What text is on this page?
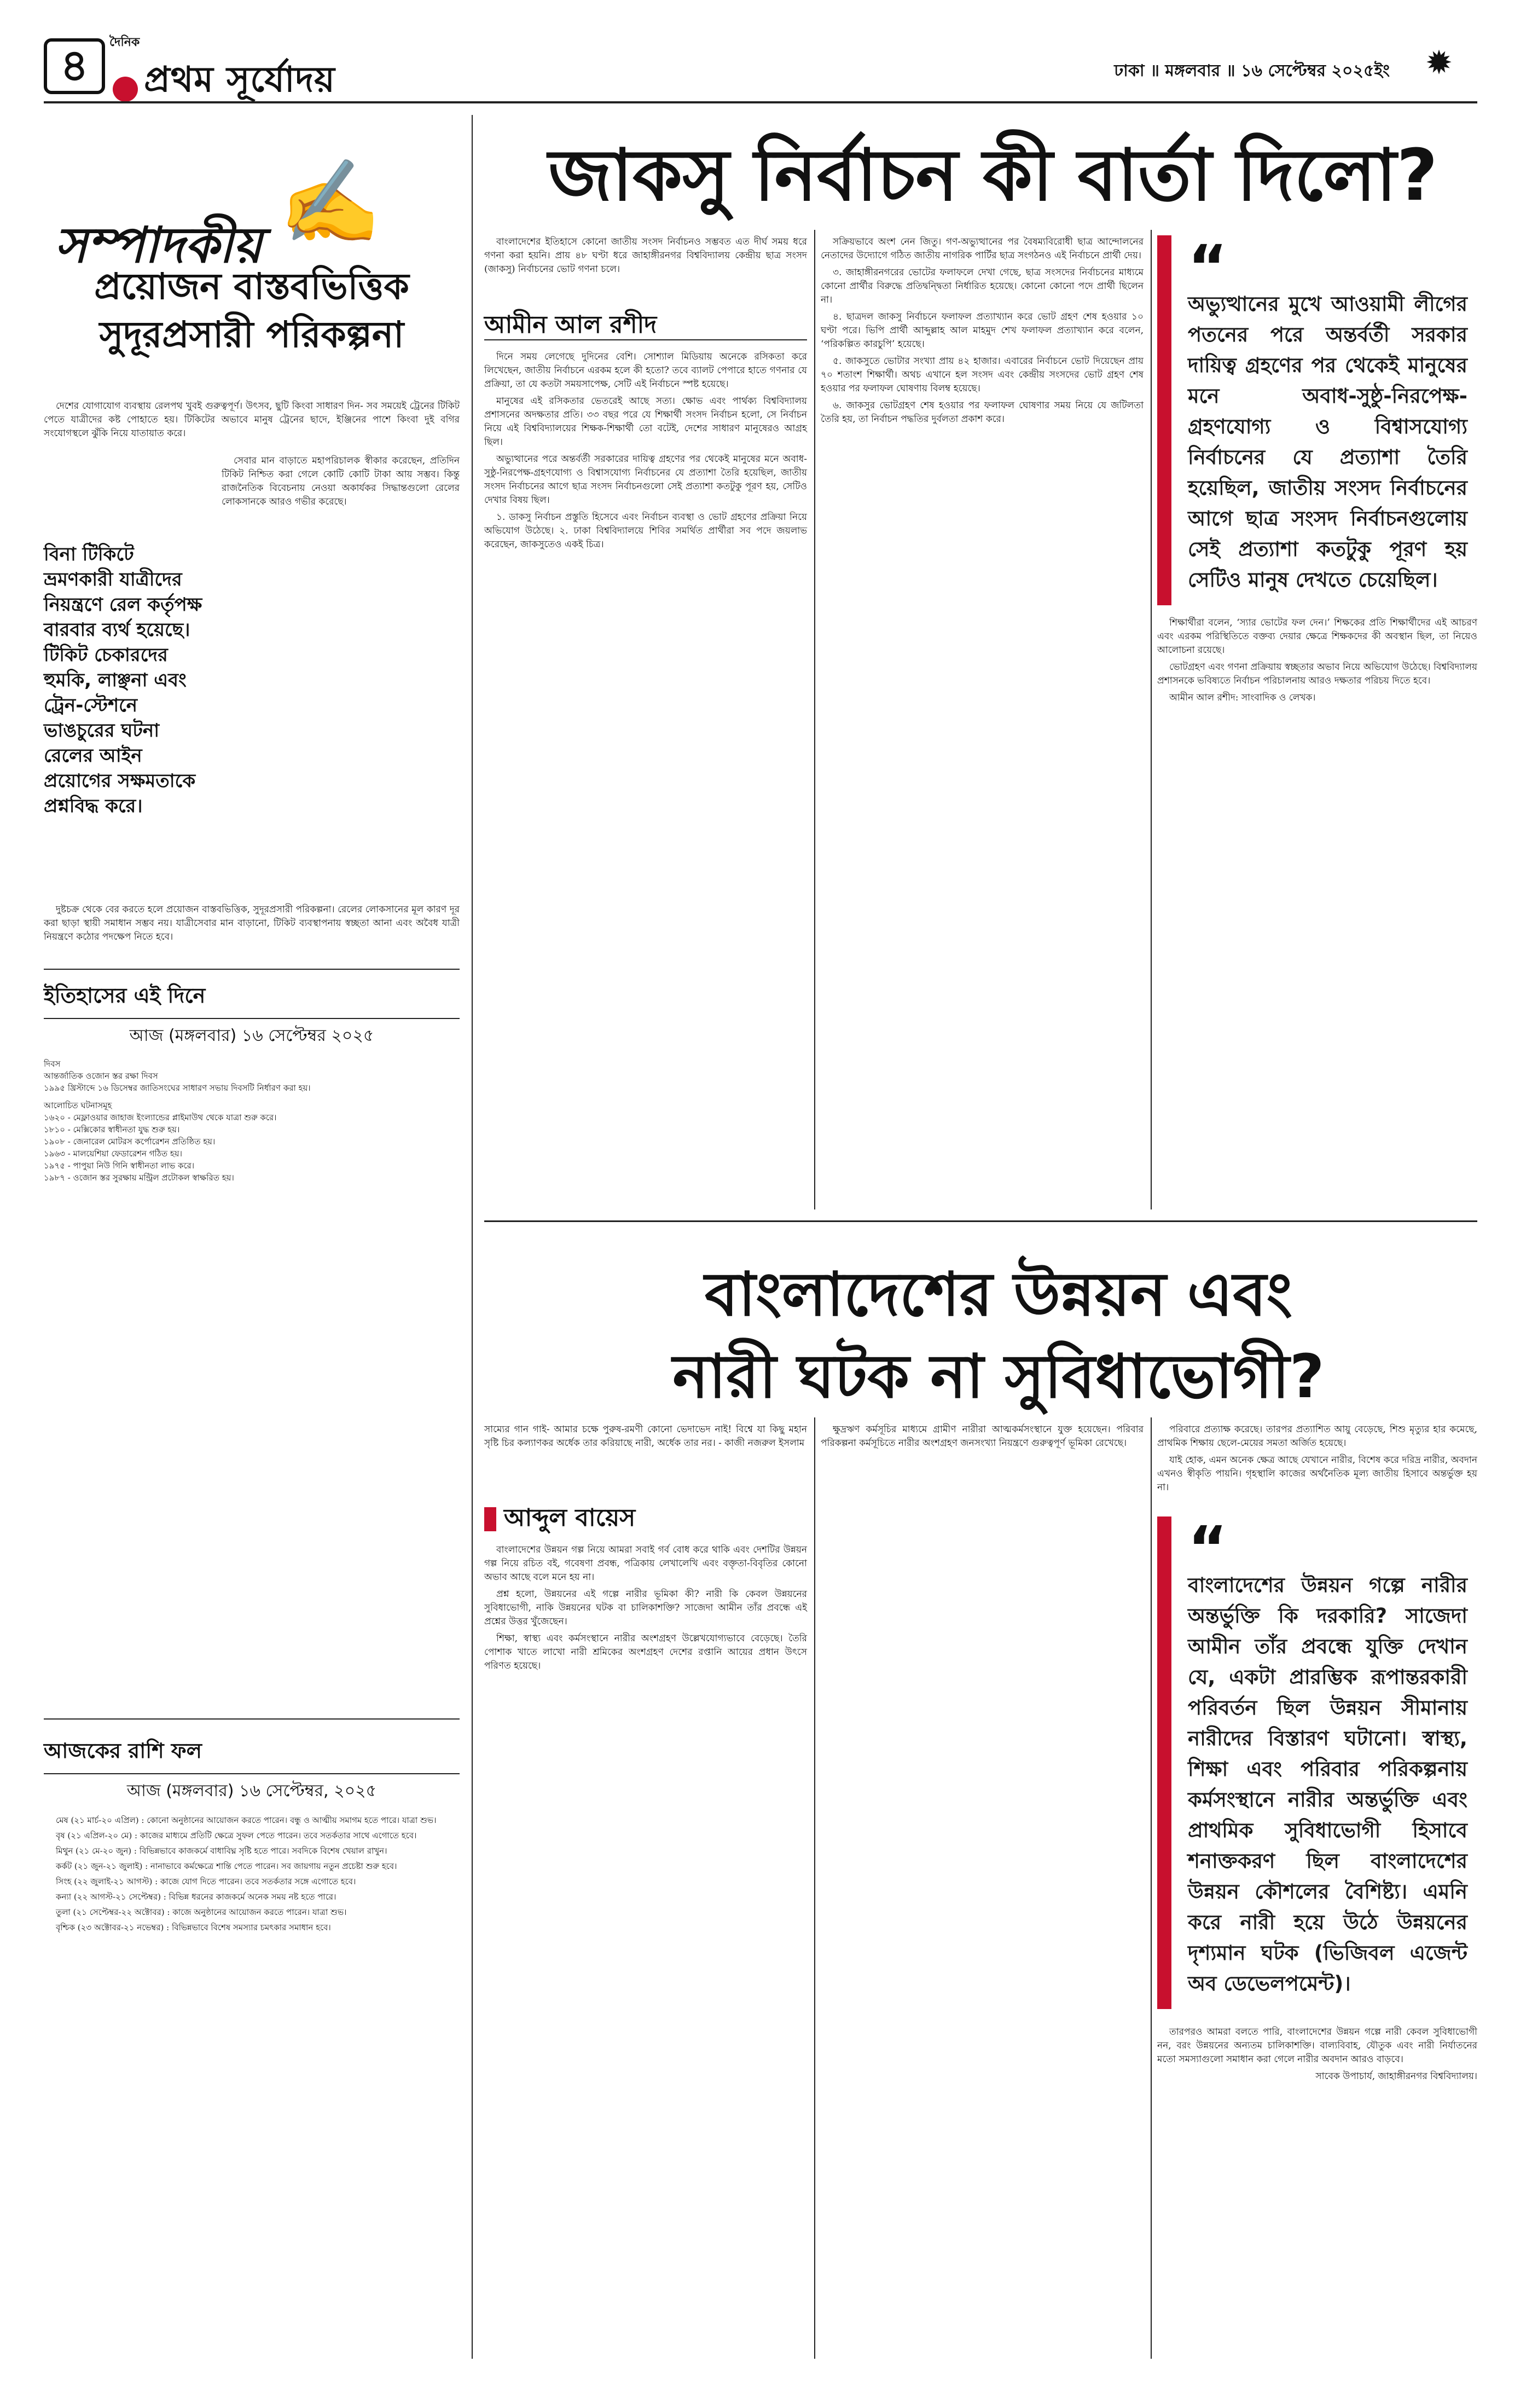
৪	দৈনিক
প্রথম সূর্যোদয়	ঢাকা ॥ মঙ্গলবার ॥ ১৬ সেপ্টেম্বর ২০২৫ইং	✹
✍
সম্পাদকীয়
প্রয়োজন বাস্তবভিত্তিক সুদূরপ্রসারী পরিকল্পনা

দেশের যোগাযোগ ব্যবস্থায় রেলপথ খুবই গুরুত্বপূর্ণ। উৎসব, ছুটি কিংবা সাধারণ দিন- সব সময়েই ট্রেনের টিকিট পেতে যাত্রীদের কষ্ট পোহাতে হয়। টিকিটের অভাবে মানুষ ট্রেনের ছাদে, ইঞ্জিনের পাশে কিংবা দুই বগির সংযোগস্থলে ঝুঁকি নিয়ে যাতায়াত করে।

বিনা টিকিটে ভ্রমণকারী যাত্রীদের নিয়ন্ত্রণে রেল কর্তৃপক্ষ বারবার ব্যর্থ হয়েছে। টিকিট চেকারদের হুমকি, লাঞ্ছনা এবং ট্রেন-স্টেশনে ভাঙচুরের ঘটনা রেলের আইন প্রয়োগের সক্ষমতাকে প্রশ্নবিদ্ধ করে।

সেবার মান বাড়াতে মহাপরিচালক স্বীকার করেছেন, প্রতিদিন টিকিট নিশ্চিত করা গেলে কোটি কোটি টাকা আয় সম্ভব। কিন্তু রাজনৈতিক বিবেচনায় নেওয়া অকার্যকর সিদ্ধান্তগুলো রেলের লোকসানকে আরও গভীর করেছে।

দুষ্টচক্র থেকে বের করতে হলে প্রয়োজন বাস্তবভিত্তিক, সুদূরপ্রসারী পরিকল্পনা। রেলের লোকসানের মূল কারণ দূর করা ছাড়া স্থায়ী সমাধান সম্ভব নয়। যাত্রীসেবার মান বাড়ানো, টিকিট ব্যবস্থাপনায় স্বচ্ছতা আনা এবং অবৈধ যাত্রী নিয়ন্ত্রণে কঠোর পদক্ষেপ নিতে হবে।

ইতিহাসের এই দিনে
আজ (মঙ্গলবার) ১৬ সেপ্টেম্বর ২০২৫
দিবস
আন্তর্জাতিক ওজোন স্তর রক্ষা দিবস
১৯৯৫ খ্রিস্টাব্দে ১৬ ডিসেম্বর জাতিসংঘের সাধারণ সভায় দিবসটি নির্ধারণ করা হয়।
আলোচিত ঘটনাসমূহ
১৬২০ - মেফ্লাওয়ার জাহাজ ইংল্যান্ডের প্লাইমাউথ থেকে যাত্রা শুরু করে।
১৮১০ - মেক্সিকোর স্বাধীনতা যুদ্ধ শুরু হয়।
১৯০৮ - জেনারেল মোটরস কর্পোরেশন প্রতিষ্ঠিত হয়।
১৯৬৩ - মালয়েশিয়া ফেডারেশন গঠিত হয়।
১৯৭৫ - পাপুয়া নিউ গিনি স্বাধীনতা লাভ করে।
১৯৮৭ - ওজোন স্তর সুরক্ষায় মন্ট্রিল প্রটোকল স্বাক্ষরিত হয়।
আজকের রাশি ফল
আজ (মঙ্গলবার) ১৬ সেপ্টেম্বর, ২০২৫

মেষ (২১ মার্চ-২০ এপ্রিল) : কোনো অনুষ্ঠানের আয়োজন করতে পারেন। বন্ধু ও আত্মীয় সমাগম হতে পারে। যাত্রা শুভ।

বৃষ (২১ এপ্রিল-২০ মে) : কাজের মাধ্যমে প্রতিটি ক্ষেত্রে সুফল পেতে পারেন। তবে সতর্কতার সাথে এগোতে হবে।

মিথুন (২১ মে-২০ জুন) : বিভিন্নভাবে কাজকর্মে বাধাবিঘ্ন সৃষ্টি হতে পারে। সবদিকে বিশেষ খেয়াল রাখুন।

কর্কট (২১ জুন-২১ জুলাই) : নানাভাবে কর্মক্ষেত্রে শান্তি পেতে পারেন। সব জায়গায় নতুন প্রচেষ্টা শুরু হবে।

সিংহ (২২ জুলাই-২১ আগস্ট) : কাজে যোগ দিতে পারেন। তবে সতর্কতার সঙ্গে এগোতে হবে।

কন্যা (২২ আগস্ট-২১ সেপ্টেম্বর) : বিভিন্ন ধরনের কাজকর্মে অনেক সময় নষ্ট হতে পারে।

তুলা (২১ সেপ্টেম্বর-২২ অক্টোবর) : কাজে অনুষ্ঠানের আয়োজন করতে পারেন। যাত্রা শুভ।

বৃশ্চিক (২৩ অক্টোবর-২১ নভেম্বর) : বিভিন্নভাবে বিশেষ সমস্যার চমৎকার সমাধান হবে।

জাকসু নির্বাচন কী বার্তা দিলো?

বাংলাদেশের ইতিহাসে কোনো জাতীয় সংসদ নির্বাচনও সম্ভবত এত দীর্ঘ সময় ধরে গণনা করা হয়নি। প্রায় ৪৮ ঘণ্টা ধরে জাহাঙ্গীরনগর বিশ্ববিদ্যালয় কেন্দ্রীয় ছাত্র সংসদ (জাকসু) নির্বাচনের ভোট গণনা চলে।

আমীন আল রশীদ

দিনে সময় লেগেছে দুদিনের বেশি। সোশ্যাল মিডিয়ায় অনেকে রসিকতা করে লিখেছেন, জাতীয় নির্বাচনে এরকম হলে কী হতো? তবে ব্যালট পেপারে হাতে গণনার যে প্রক্রিয়া, তা যে কতটা সময়সাপেক্ষ, সেটি এই নির্বাচনে স্পষ্ট হয়েছে।

মানুষের এই রসিকতার ভেতরেই আছে সত্য। ক্ষোভ এবং পার্থক্য বিশ্ববিদ্যালয় প্রশাসনের অদক্ষতার প্রতি। ৩৩ বছর পরে যে শিক্ষার্থী সংসদ নির্বাচন হলো, সে নির্বাচন নিয়ে এই বিশ্ববিদ্যালয়ের শিক্ষক-শিক্ষার্থী তো বটেই, দেশের সাধারণ মানুষেরও আগ্রহ ছিল।

অভ্যুত্থানের পরে অন্তর্বর্তী সরকারের দায়িত্ব গ্রহণের পর থেকেই মানুষের মনে অবাধ-সুষ্ঠু-নিরপেক্ষ-গ্রহণযোগ্য ও বিশ্বাসযোগ্য নির্বাচনের যে প্রত্যাশা তৈরি হয়েছিল, জাতীয় সংসদ নির্বাচনের আগে ছাত্র সংসদ নির্বাচনগুলো সেই প্রত্যাশা কতটুকু পূরণ হয়, সেটিও দেখার বিষয় ছিল।

১. ডাকসু নির্বাচন প্রস্তুতি হিসেবে এবং নির্বাচন ব্যবস্থা ও ভোট গ্রহণের প্রক্রিয়া নিয়ে অভিযোগ উঠেছে। ২. ঢাকা বিশ্ববিদ্যালয়ে শিবির সমর্থিত প্রার্থীরা সব পদে জয়লাভ করেছেন, জাকসুতেও একই চিত্র।

সক্রিয়ভাবে অংশ নেন জিতু। গণ-অভ্যুত্থানের পর বৈষম্যবিরোধী ছাত্র আন্দোলনের নেতাদের উদ্যোগে গঠিত জাতীয় নাগরিক পার্টির ছাত্র সংগঠনও এই নির্বাচনে প্রার্থী দেয়।

৩. জাহাঙ্গীরনগরের ভোটের ফলাফলে দেখা গেছে, ছাত্র সংসদের নির্বাচনের মাধ্যমে কোনো প্রার্থীর বিরুদ্ধে প্রতিদ্বন্দ্বিতা নির্ধারিত হয়েছে। কোনো কোনো পদে প্রার্থী ছিলেন না।

৪. ছাত্রদল জাকসু নির্বাচনে ফলাফল প্রত্যাখ্যান করে ভোট গ্রহণ শেষ হওয়ার ১০ ঘণ্টা পরে। ভিপি প্রার্থী আব্দুল্লাহ আল মাহমুদ শেখ ফলাফল প্রত্যাখ্যান করে বলেন, ‘পরিকল্পিত কারচুপি’ হয়েছে।

৫. জাকসুতে ভোটার সংখ্যা প্রায় ৪২ হাজার। এবারের নির্বাচনে ভোট দিয়েছেন প্রায় ৭০ শতাংশ শিক্ষার্থী। অথচ এখানে হল সংসদ এবং কেন্দ্রীয় সংসদের ভোট গ্রহণ শেষ হওয়ার পর ফলাফল ঘোষণায় বিলম্ব হয়েছে।

৬. জাকসুর ভোটগ্রহণ শেষ হওয়ার পর ফলাফল ঘোষণার সময় নিয়ে যে জটিলতা তৈরি হয়, তা নির্বাচন পদ্ধতির দুর্বলতা প্রকাশ করে।

“
অভ্যুত্থানের মুখে আওয়ামী লীগের পতনের পরে অন্তর্বর্তী সরকার দায়িত্ব গ্রহণের পর থেকেই মানুষের মনে অবাধ-সুষ্ঠু-নিরপেক্ষ-গ্রহণযোগ্য ও বিশ্বাসযোগ্য নির্বাচনের যে প্রত্যাশা তৈরি হয়েছিল, জাতীয় সংসদ নির্বাচনের আগে ছাত্র সংসদ নির্বাচনগুলোয় সেই প্রত্যাশা কতটুকু পূরণ হয় সেটিও মানুষ দেখতে চেয়েছিল।

শিক্ষার্থীরা বলেন, ‘স্যার ভোটের ফল দেন।’ শিক্ষকের প্রতি শিক্ষার্থীদের এই আচরণ এবং এরকম পরিস্থিতিতে বক্তব্য দেয়ার ক্ষেত্রে শিক্ষকদের কী অবস্থান ছিল, তা নিয়েও আলোচনা রয়েছে।

ভোটগ্রহণ এবং গণনা প্রক্রিয়ায় স্বচ্ছতার অভাব নিয়ে অভিযোগ উঠেছে। বিশ্ববিদ্যালয় প্রশাসনকে ভবিষ্যতে নির্বাচন পরিচালনায় আরও দক্ষতার পরিচয় দিতে হবে।

আমীন আল রশীদ: সাংবাদিক ও লেখক।

বাংলাদেশের উন্নয়ন এবং নারী ঘটক না সুবিধাভোগী?

সাম্যের গান গাই- আমার চক্ষে পুরুষ-রমণী কোনো ভেদাভেদ নাই! বিশ্বে যা কিছু মহান সৃষ্টি চির কল্যাণকর অর্ধেক তার করিয়াছে নারী, অর্ধেক তার নর। - কাজী নজরুল ইসলাম

আব্দুল বায়েস

বাংলাদেশের উন্নয়ন গল্প নিয়ে আমরা সবাই গর্ব বোধ করে থাকি এবং দেশটির উন্নয়ন গল্প নিয়ে রচিত বই, গবেষণা প্রবন্ধ, পত্রিকায় লেখালেখি এবং বক্তৃতা-বিবৃতির কোনো অভাব আছে বলে মনে হয় না।

প্রশ্ন হলো, উন্নয়নের এই গল্পে নারীর ভূমিকা কী? নারী কি কেবল উন্নয়নের সুবিধাভোগী, নাকি উন্নয়নের ঘটক বা চালিকাশক্তি? সাজেদা আমীন তাঁর প্রবন্ধে এই প্রশ্নের উত্তর খুঁজেছেন।

শিক্ষা, স্বাস্থ্য এবং কর্মসংস্থানে নারীর অংশগ্রহণ উল্লেখযোগ্যভাবে বেড়েছে। তৈরি পোশাক খাতে লাখো নারী শ্রমিকের অংশগ্রহণ দেশের রপ্তানি আয়ের প্রধান উৎসে পরিণত হয়েছে।

ক্ষুদ্রঋণ কর্মসূচির মাধ্যমে গ্রামীণ নারীরা আত্মকর্মসংস্থানে যুক্ত হয়েছেন। পরিবার পরিকল্পনা কর্মসূচিতে নারীর অংশগ্রহণ জনসংখ্যা নিয়ন্ত্রণে গুরুত্বপূর্ণ ভূমিকা রেখেছে।

পরিবারে প্রত্যাক্ষ করেছে। তারপর প্রত্যাশিত আয়ু বেড়েছে, শিশু মৃত্যুর হার কমেছে, প্রাথমিক শিক্ষায় ছেলে-মেয়ের সমতা অর্জিত হয়েছে।

যাই হোক, এমন অনেক ক্ষেত্র আছে যেখানে নারীর, বিশেষ করে দরিদ্র নারীর, অবদান এখনও স্বীকৃতি পায়নি। গৃহস্থালি কাজের অর্থনৈতিক মূল্য জাতীয় হিসাবে অন্তর্ভুক্ত হয় না।

“
বাংলাদেশের উন্নয়ন গল্পে নারীর অন্তর্ভুক্তি কি দরকারি? সাজেদা আমীন তাঁর প্রবন্ধে যুক্তি দেখান যে, একটা প্রারম্ভিক রূপান্তরকারী পরিবর্তন ছিল উন্নয়ন সীমানায় নারীদের বিস্তারণ ঘটানো। স্বাস্থ্য, শিক্ষা এবং পরিবার পরিকল্পনায় কর্মসংস্থানে নারীর অন্তর্ভুক্তি এবং প্রাথমিক সুবিধাভোগী হিসাবে শনাক্তকরণ ছিল বাংলাদেশের উন্নয়ন কৌশলের বৈশিষ্ট্য। এমনি করে নারী হয়ে উঠে উন্নয়নের দৃশ্যমান ঘটক (ভিজিবল এজেন্ট অব ডেভেলপমেন্ট)।

তারপরও আমরা বলতে পারি, বাংলাদেশের উন্নয়ন গল্পে নারী কেবল সুবিধাভোগী নন, বরং উন্নয়নের অন্যতম চালিকাশক্তি। বাল্যবিবাহ, যৌতুক এবং নারী নির্যাতনের মতো সমস্যাগুলো সমাধান করা গেলে নারীর অবদান আরও বাড়বে।

সাবেক উপাচার্য, জাহাঙ্গীরনগর বিশ্ববিদ্যালয়।
